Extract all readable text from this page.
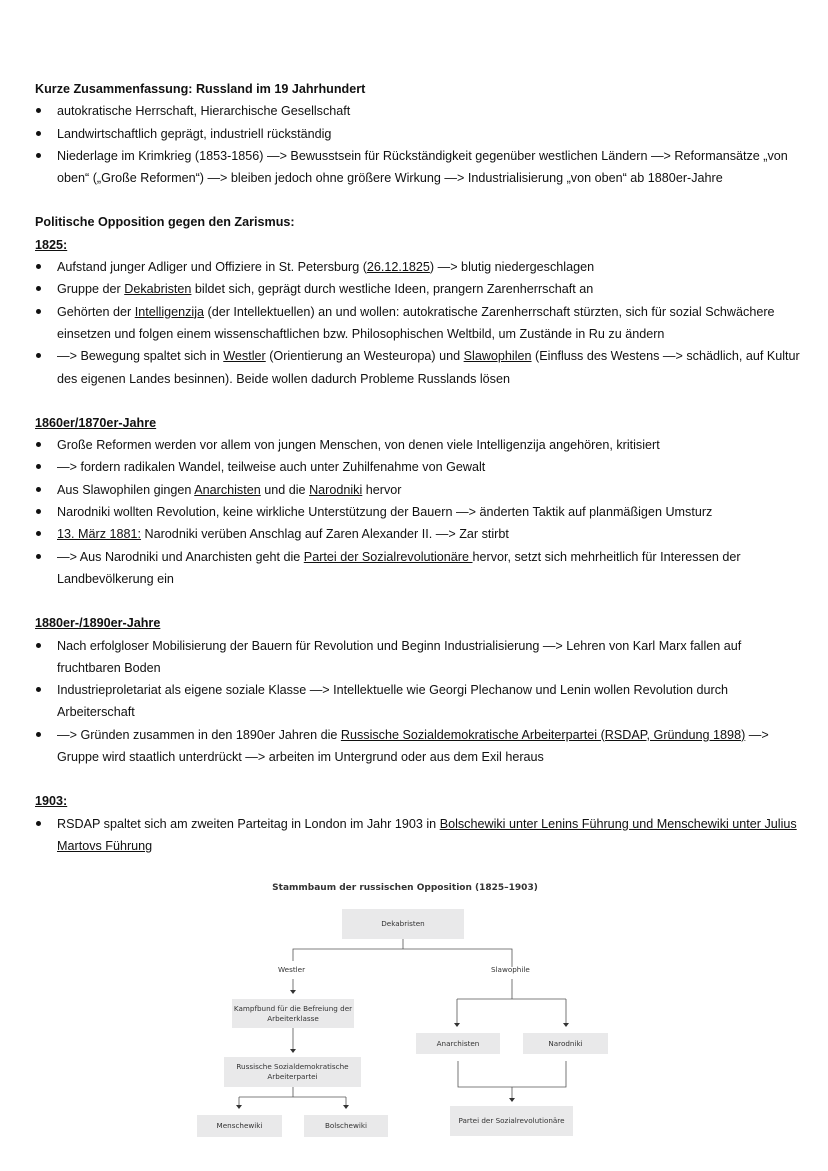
Kurze Zusammenfassung: Russland im 19 Jahrhundert
autokratische Herrschaft, Hierarchische Gesellschaft
Landwirtschaftlich geprägt, industriell rückständig
Niederlage im Krimkrieg (1853-1856) —> Bewusstsein für Rückständigkeit gegenüber westlichen Ländern —> Reformansätze „von oben“ („Große Reformen“) —> bleiben jedoch ohne größere Wirkung —> Industrialisierung „von oben“ ab 1880er-Jahre
Politische Opposition gegen den Zarismus:
1825:
Aufstand junger Adliger und Offiziere in St. Petersburg (26.12.1825) —> blutig niedergeschlagen
Gruppe der Dekabristen bildet sich, geprägt durch westliche Ideen, prangern Zarenherrschaft an
Gehörten der Intelligenzija (der Intellektuellen) an und wollen: autokratische Zarenherrschaft stürzten, sich für sozial Schwächere einsetzen und folgen einem wissenschaftlichen bzw. Philosophischen Weltbild, um Zustände in Ru zu ändern
—> Bewegung spaltet sich in Westler (Orientierung an Westeuropa) und Slawophilen (Einfluss des Westens —> schädlich, auf Kultur des eigenen Landes besinnen). Beide wollen dadurch Probleme Russlands lösen
1860er/1870er-Jahre
Große Reformen werden vor allem von jungen Menschen, von denen viele Intelligenzija angehören, kritisiert
—> fordern radikalen Wandel, teilweise auch unter Zuhilfenahme von Gewalt
Aus Slawophilen gingen Anarchisten und die Narodniki hervor
Narodniki wollten Revolution, keine wirkliche Unterstützung der Bauern —> änderten Taktik auf planmäßigen Umsturz
13. März 1881: Narodniki verüben Anschlag auf Zaren Alexander II. —> Zar stirbt
—> Aus Narodniki und Anarchisten geht die Partei der Sozialrevolutionäre hervor, setzt sich mehrheitlich für Interessen der Landbevölkerung ein
1880er-/1890er-Jahre
Nach erfolgloser Mobilisierung der Bauern für Revolution und Beginn Industrialisierung —> Lehren von Karl Marx fallen auf fruchtbaren Boden
Industrieproletariat als eigene soziale Klasse —> Intellektuelle wie Georgi Plechanow und Lenin wollen Revolution durch Arbeiterschaft
—> Gründen zusammen in den 1890er Jahren die Russische Sozialdemokratische Arbeiterpartei (RSDAP, Gründung 1898) —> Gruppe wird staatlich unterdrückt —> arbeiten im Untergrund oder aus dem Exil heraus
1903:
RSDAP spaltet sich am zweiten Parteitag in London im Jahr 1903 in Bolschewiki unter Lenins Führung und Menschewiki unter Julius Martovs Führung
Stammbaum der russischen Opposition (1825–1903)
Dekabristen
Westler	Slawophile
Kampfbund für die Befreiung der Arbeiterklasse
Russische Sozialdemokratische Arbeiterpartei
Menschewiki	Bolschewiki
Anarchisten	Narodniki
Partei der Sozialrevolutionäre
